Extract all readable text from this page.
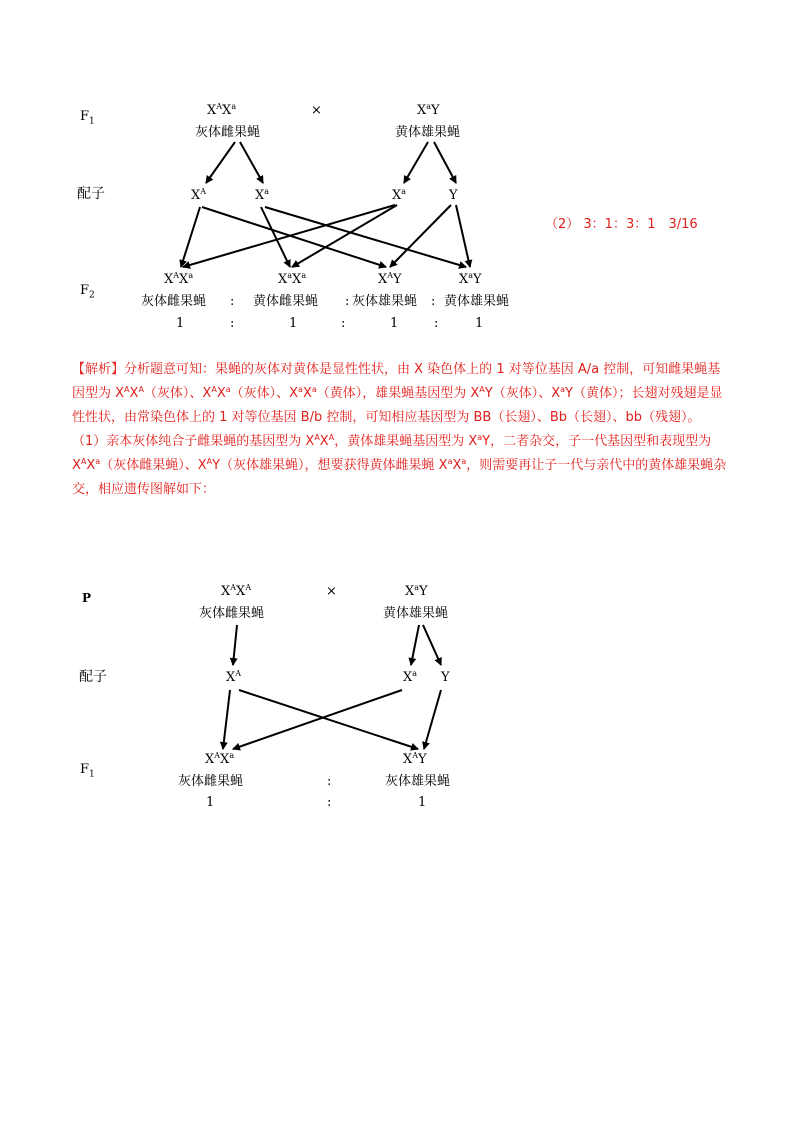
$F_1$
$X^AX^a$
灰体雌果蝇
×	$X^aY$
黄体雄果蝇
配子	$X^A$	$X^a$	$X^a$	Y
（2） 3：1：3：1　3/16
$F_2$
$X^AX^a$	$X^aX^a$	$X^AY$	$X^aY$
灰体雌果蝇 : 黄体雌果蝇 : 灰体雄果蝇 : 黄体雄果蝇
1	:	1	:	1	:	1

【解析】分析题意可知：果蝇的灰体对黄体是显性性状，由 X 染色体上的 1 对等位基因 A/a 控制，可知雌果蝇基因型为 $X^AX^A$（灰体）、$X^AX^a$（灰体）、$X^aX^a$（黄体），雄果蝇基因型为 $X^AY$（灰体）、$X^aY$（黄体）；长翅对残翅是显性性状，由常染色体上的 1 对等位基因 B/b 控制，可知相应基因型为 BB（长翅）、Bb（长翅）、bb（残翅）。

（1）亲本灰体纯合子雌果蝇的基因型为 $X^AX^A$，黄体雄果蝇基因型为 $X^aY$，二者杂交，子一代基因型和表现型为 $X^AX^a$（灰体雌果蝇）、$X^AY$（灰体雄果蝇），想要获得黄体雌果蝇 $X^aX^a$，则需要再让子一代与亲代中的黄体雄果蝇杂交，相应遗传图解如下：

P	$X^AX^A$
灰体雌果蝇
×	$X^aY$
黄体雄果蝇
配子	$X^A$	$X^a$ Y
$F_1$
$X^AX^a$	$X^AY$
灰体雌果蝇	:	灰体雄果蝇
1	:	1
